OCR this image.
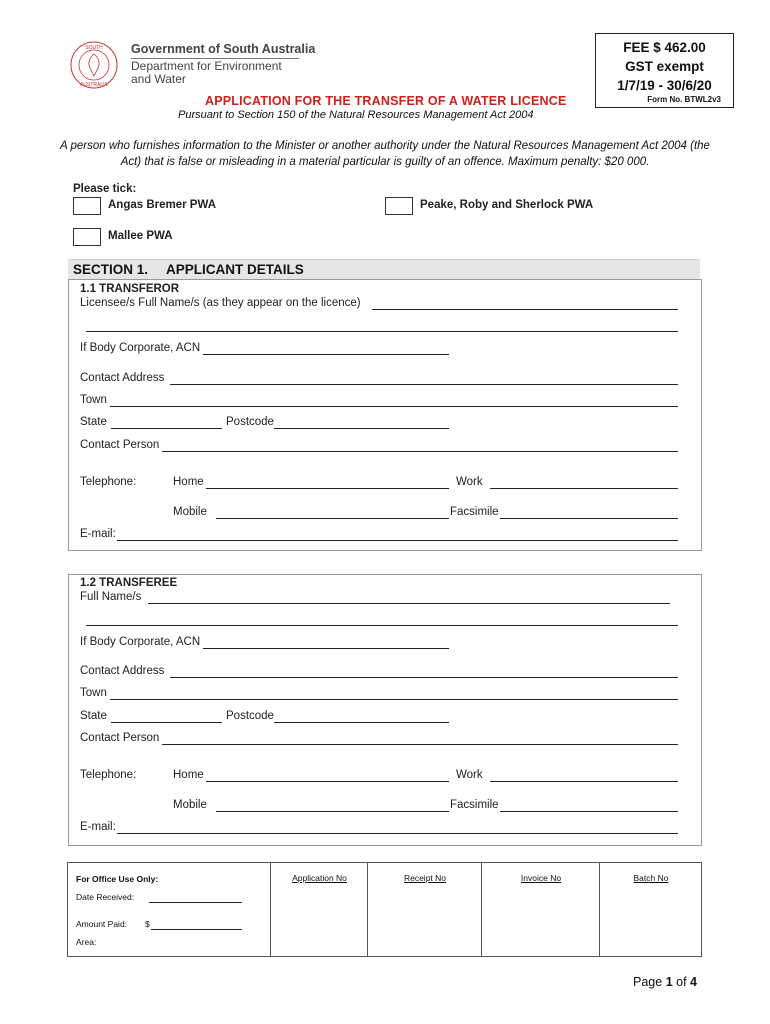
SOUTH
AUSTRALIA
Government of South Australia
Department for Environment
and Water
FEE $ 462.00
GST exempt
1/7/19 - 30/6/20
Form No. BTWL2v3
APPLICATION FOR THE TRANSFER OF A WATER LICENCE
Pursuant to Section 150 of the Natural Resources Management Act 2004
A person who furnishes information to the Minister or another authority under the Natural Resources Management Act 2004 (the Act) that is false or misleading in a material particular is guilty of an offence. Maximum penalty: $20 000.
Please tick:
Angas Bremer PWA	Peake, Roby and Sherlock PWA
Mallee PWA
SECTION 1. APPLICANT DETAILS
1.1 TRANSFEROR
Licensee/s Full Name/s (as they appear on the licence)
If Body Corporate, ACN
Contact Address
Town
State	Postcode
Contact Person
Telephone:	Home	Work
Mobile	Facsimile
E-mail:
1.2 TRANSFEREE
Full Name/s
If Body Corporate, ACN
Contact Address
Town
State	Postcode
Contact Person
Telephone:	Home	Work
Mobile	Facsimile
E-mail:
For Office Use Only:
Date Received:
Amount Paid: $
Area:
Application No	Receipt No	Invoice No	Batch No
Page 1 of 4
